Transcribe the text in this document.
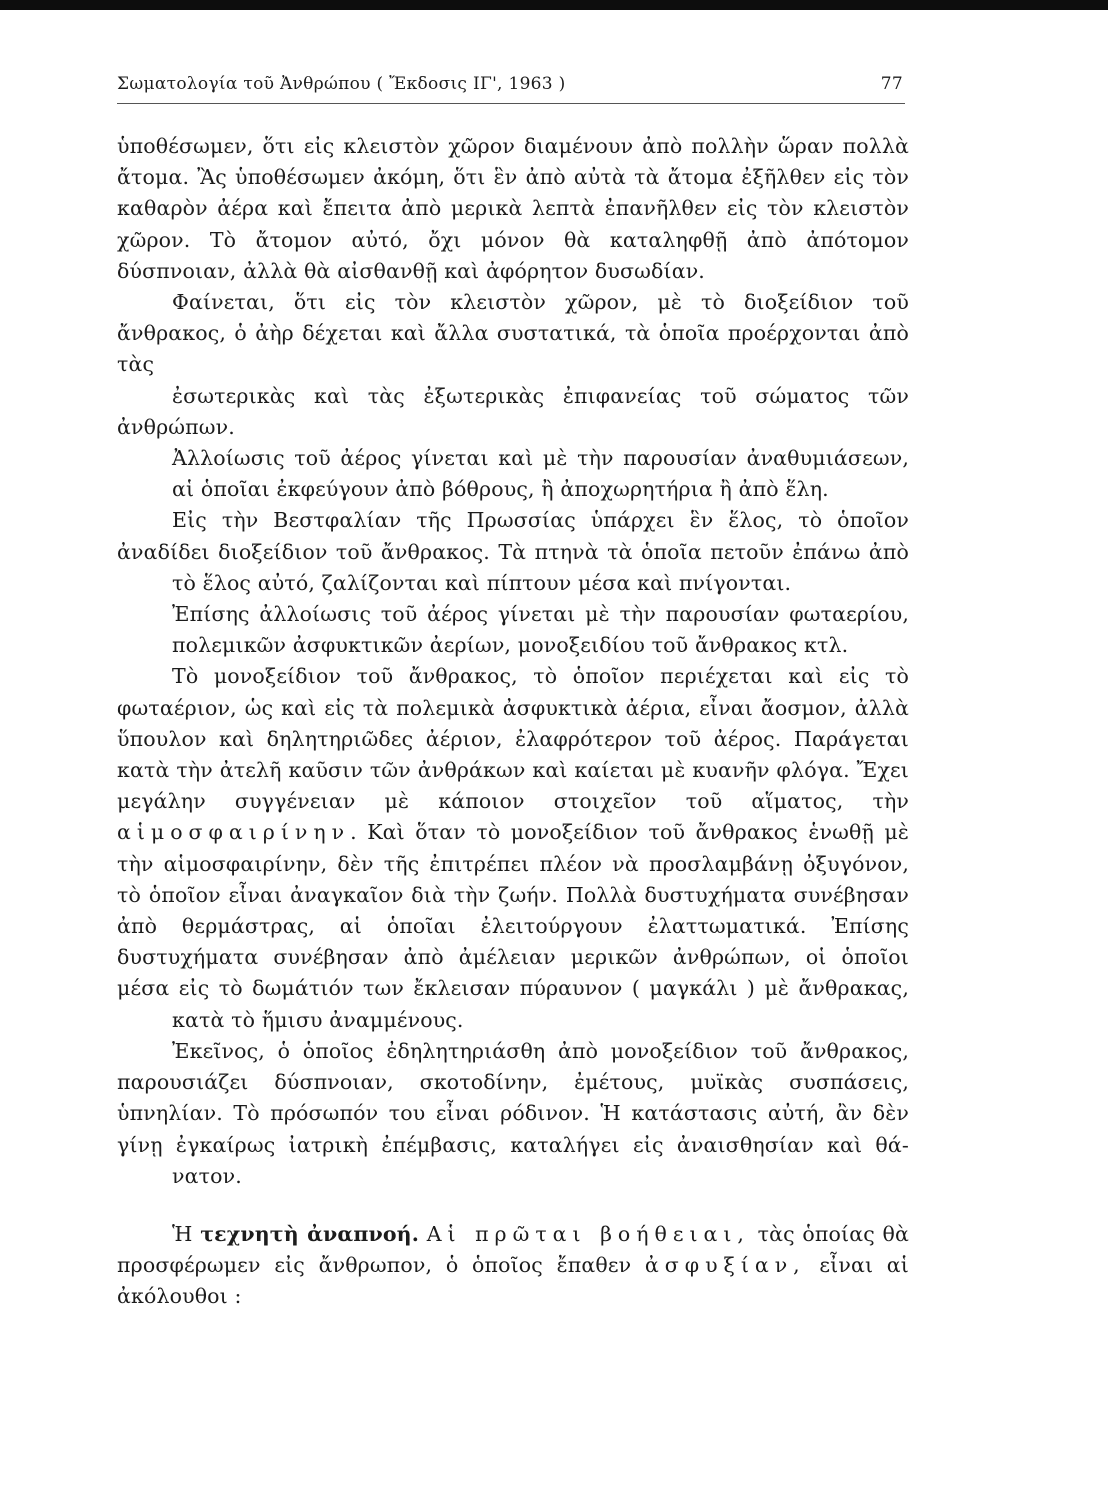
Σωματολογία τοῦ Ἀνθρώπου ( Ἔκδοσις ΙΓ', 1963 )	77

ὑποθέσωμεν, ὅτι εἰς κλειστὸν χῶρον διαμένουν ἀπὸ πολλὴν ὥραν πολλὰ ἄτομα. Ἂς ὑποθέσωμεν ἀκόμη, ὅτι ἓν ἀπὸ αὐτὰ τὰ ἄτομα ἐξῆλθεν εἰς τὸν καθαρὸν ἀέρα καὶ ἔπειτα ἀπὸ μερικὰ λεπτὰ ἐπανῆλθεν εἰς τὸν κλειστὸν χῶρον. Τὸ ἄτομον αὐτό, ὄχι μόνον θὰ καταληφθῇ ἀπὸ ἀπότομον
δύσπνοιαν, ἀλλὰ θὰ αἰσθανθῇ καὶ ἀφόρητον δυσωδίαν.

Φαίνεται, ὅτι εἰς τὸν κλειστὸν χῶρον, μὲ τὸ διοξείδιον τοῦ ἄνθρακος, ὁ ἀὴρ δέχεται καὶ ἄλλα συστατικά, τὰ ὁποῖα προέρχονται ἀπὸ τὰς
ἐσωτερικὰς καὶ τὰς ἐξωτερικὰς ἐπιφανείας τοῦ σώματος τῶν ἀνθρώπων.

Ἀλλοίωσις τοῦ ἀέρος γίνεται καὶ μὲ τὴν παρουσίαν ἀναθυμιάσεων,
αἱ ὁποῖαι ἐκφεύγουν ἀπὸ βόθρους, ἢ ἀποχωρητήρια ἢ ἀπὸ ἕλη.

Εἰς τὴν Βεστφαλίαν τῆς Πρωσσίας ὑπάρχει ἓν ἕλος, τὸ ὁποῖον ἀναδίδει διοξείδιον τοῦ ἄνθρακος. Τὰ πτηνὰ τὰ ὁποῖα πετοῦν ἐπάνω ἀπὸ
τὸ ἕλος αὐτό, ζαλίζονται καὶ πίπτουν μέσα καὶ πνίγονται.

Ἐπίσης ἀλλοίωσις τοῦ ἀέρος γίνεται μὲ τὴν παρουσίαν φωταερίου,
πολεμικῶν ἀσφυκτικῶν ἀερίων, μονοξειδίου τοῦ ἄνθρακος κτλ.

Τὸ μονοξείδιον τοῦ ἄνθρακος, τὸ ὁποῖον περιέχεται καὶ εἰς τὸ φωταέριον, ὡς καὶ εἰς τὰ πολεμικὰ ἀσφυκτικὰ ἀέρια, εἶναι ἄοσμον, ἀλλὰ ὕπουλον καὶ δηλητηριῶδες ἀέριον, ἐλαφρότερον τοῦ ἀέρος. Παράγεται κατὰ τὴν ἀτελῆ καῦσιν τῶν ἀνθράκων καὶ καίεται μὲ κυανῆν φλόγα. Ἔχει μεγάλην συγγένειαν μὲ κάποιον στοιχεῖον τοῦ αἵματος, τὴν αἱμοσφαιρίνην. Καὶ ὅταν τὸ μονοξείδιον τοῦ ἄνθρακος ἑνωθῇ μὲ τὴν αἱμοσφαιρίνην, δὲν τῆς ἐπιτρέπει πλέον νὰ προσλαμβάνῃ ὀξυγόνον, τὸ ὁποῖον εἶναι ἀναγκαῖον διὰ τὴν ζωήν. Πολλὰ δυστυχήματα συνέβησαν ἀπὸ θερμάστρας, αἱ ὁποῖαι ἐλειτούργουν ἐλαττωματικά. Ἐπίσης δυστυχήματα συνέβησαν ἀπὸ ἀμέλειαν μερικῶν ἀνθρώπων, οἱ ὁποῖοι μέσα εἰς τὸ δωμάτιόν των ἔκλεισαν πύραυνον ( μαγκάλι ) μὲ ἄνθρακας,
κατὰ τὸ ἥμισυ ἀναμμένους.

Ἐκεῖνος, ὁ ὁποῖος ἐδηλητηριάσθη ἀπὸ μονοξείδιον τοῦ ἄνθρακος, παρουσιάζει δύσπνοιαν, σκοτοδίνην, ἐμέτους, μυϊκὰς συσπάσεις, ὑπνηλίαν. Τὸ πρόσωπόν του εἶναι ρόδινον. Ἡ κατάστασις αὐτή, ἂν δὲν γίνῃ ἐγκαίρως ἰατρικὴ ἐπέμβασις, καταλήγει εἰς ἀναισθησίαν καὶ θά-
νατον.

Ἡ τεχνητὴ ἀναπνοή. Αἱ πρῶται βοήθειαι, τὰς ὁποίας θὰ προσφέρωμεν εἰς ἄνθρωπον, ὁ ὁποῖος ἔπαθεν ἀσφυξίαν, εἶναι αἱ ἀκόλουθοι :
